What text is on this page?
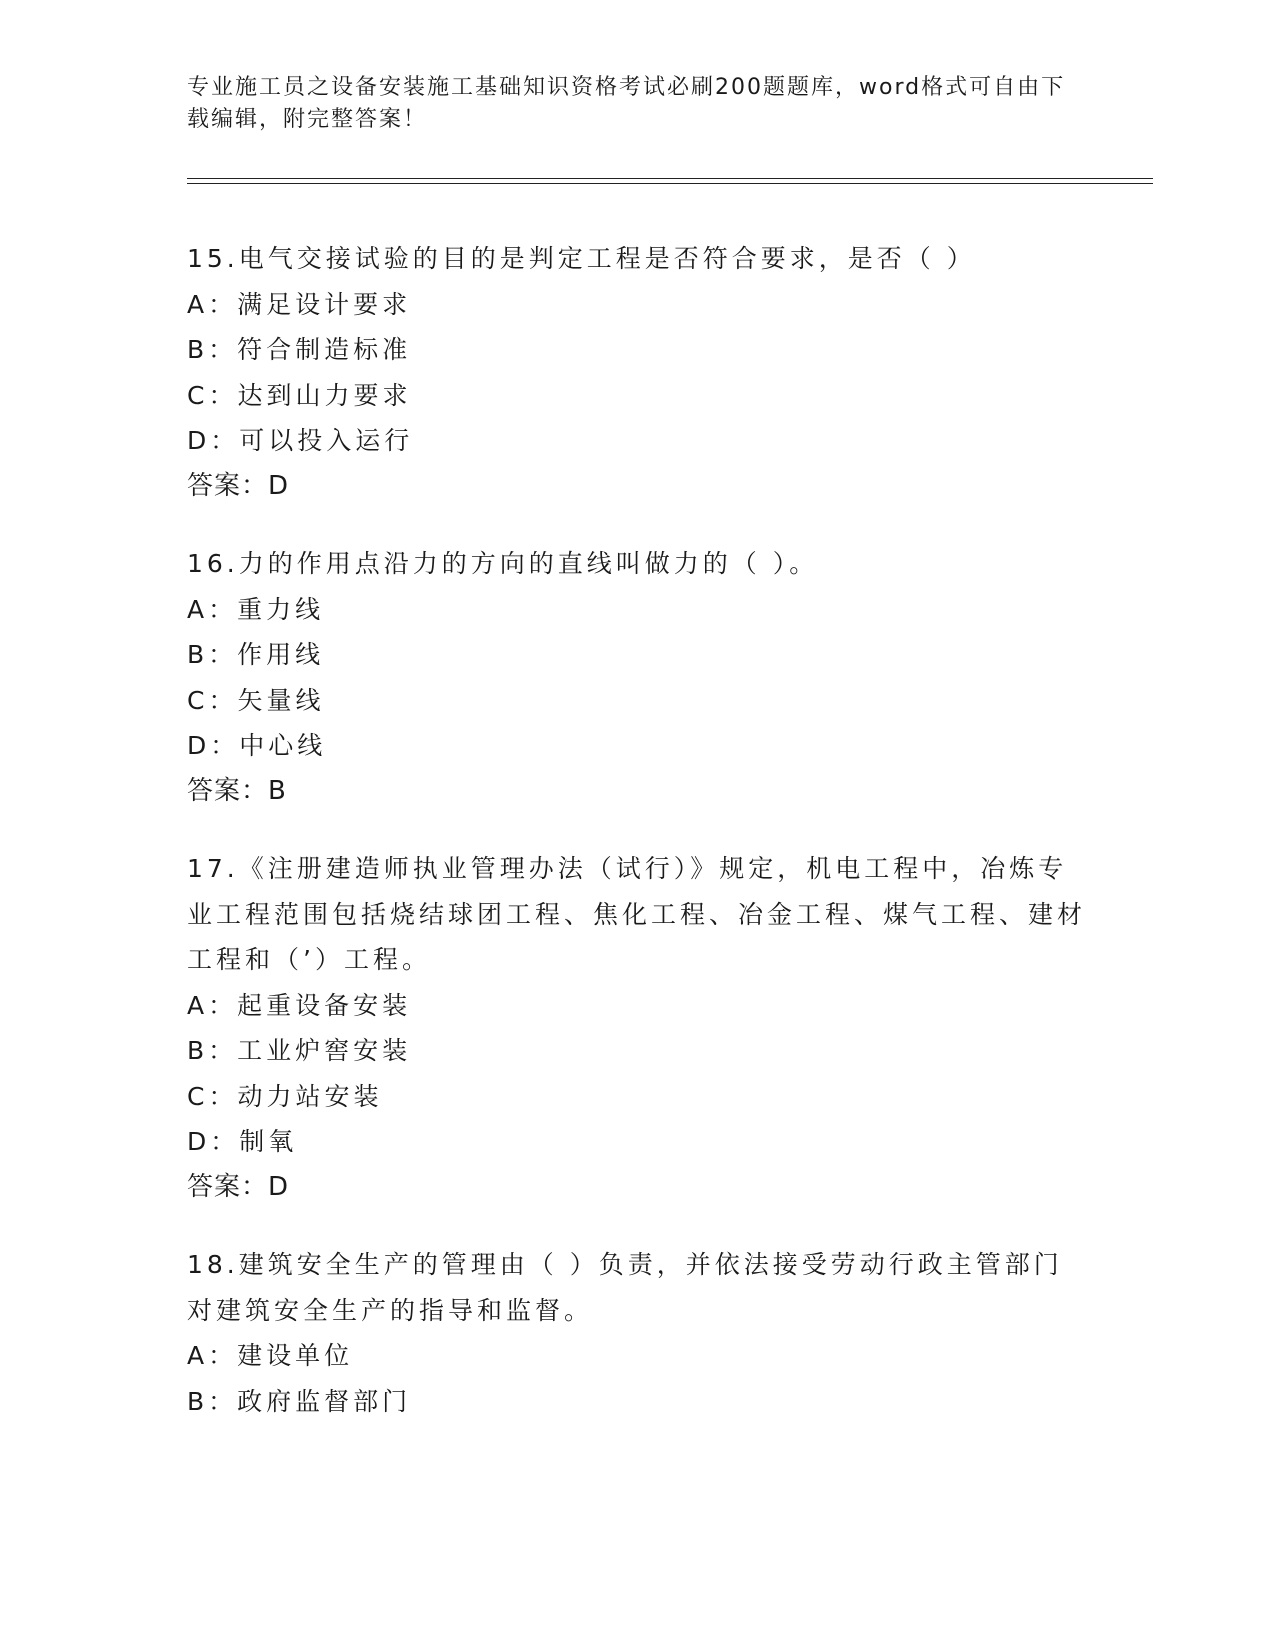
专业施工员之设备安装施工基础知识资格考试必刷200题题库，word格式可自由下载编辑，附完整答案！
15.电气交接试验的目的是判定工程是否符合要求，是否（ ）
A：满足设计要求
B：符合制造标准
C：达到山力要求
D：可以投入运行
答案：D
16.力的作用点沿力的方向的直线叫做力的（ ）。
A：重力线
B：作用线
C：矢量线
D：中心线
答案：B
17.《注册建造师执业管理办法（试行）》规定，机电工程中，冶炼专业工程范围包括烧结球团工程、焦化工程、冶金工程、煤气工程、建材工程和（’）工程。
A：起重设备安装
B：工业炉窖安装
C：动力站安装
D：制氧
答案：D
18.建筑安全生产的管理由（ ）负责，并依法接受劳动行政主管部门对建筑安全生产的指导和监督。
A：建设单位
B：政府监督部门
